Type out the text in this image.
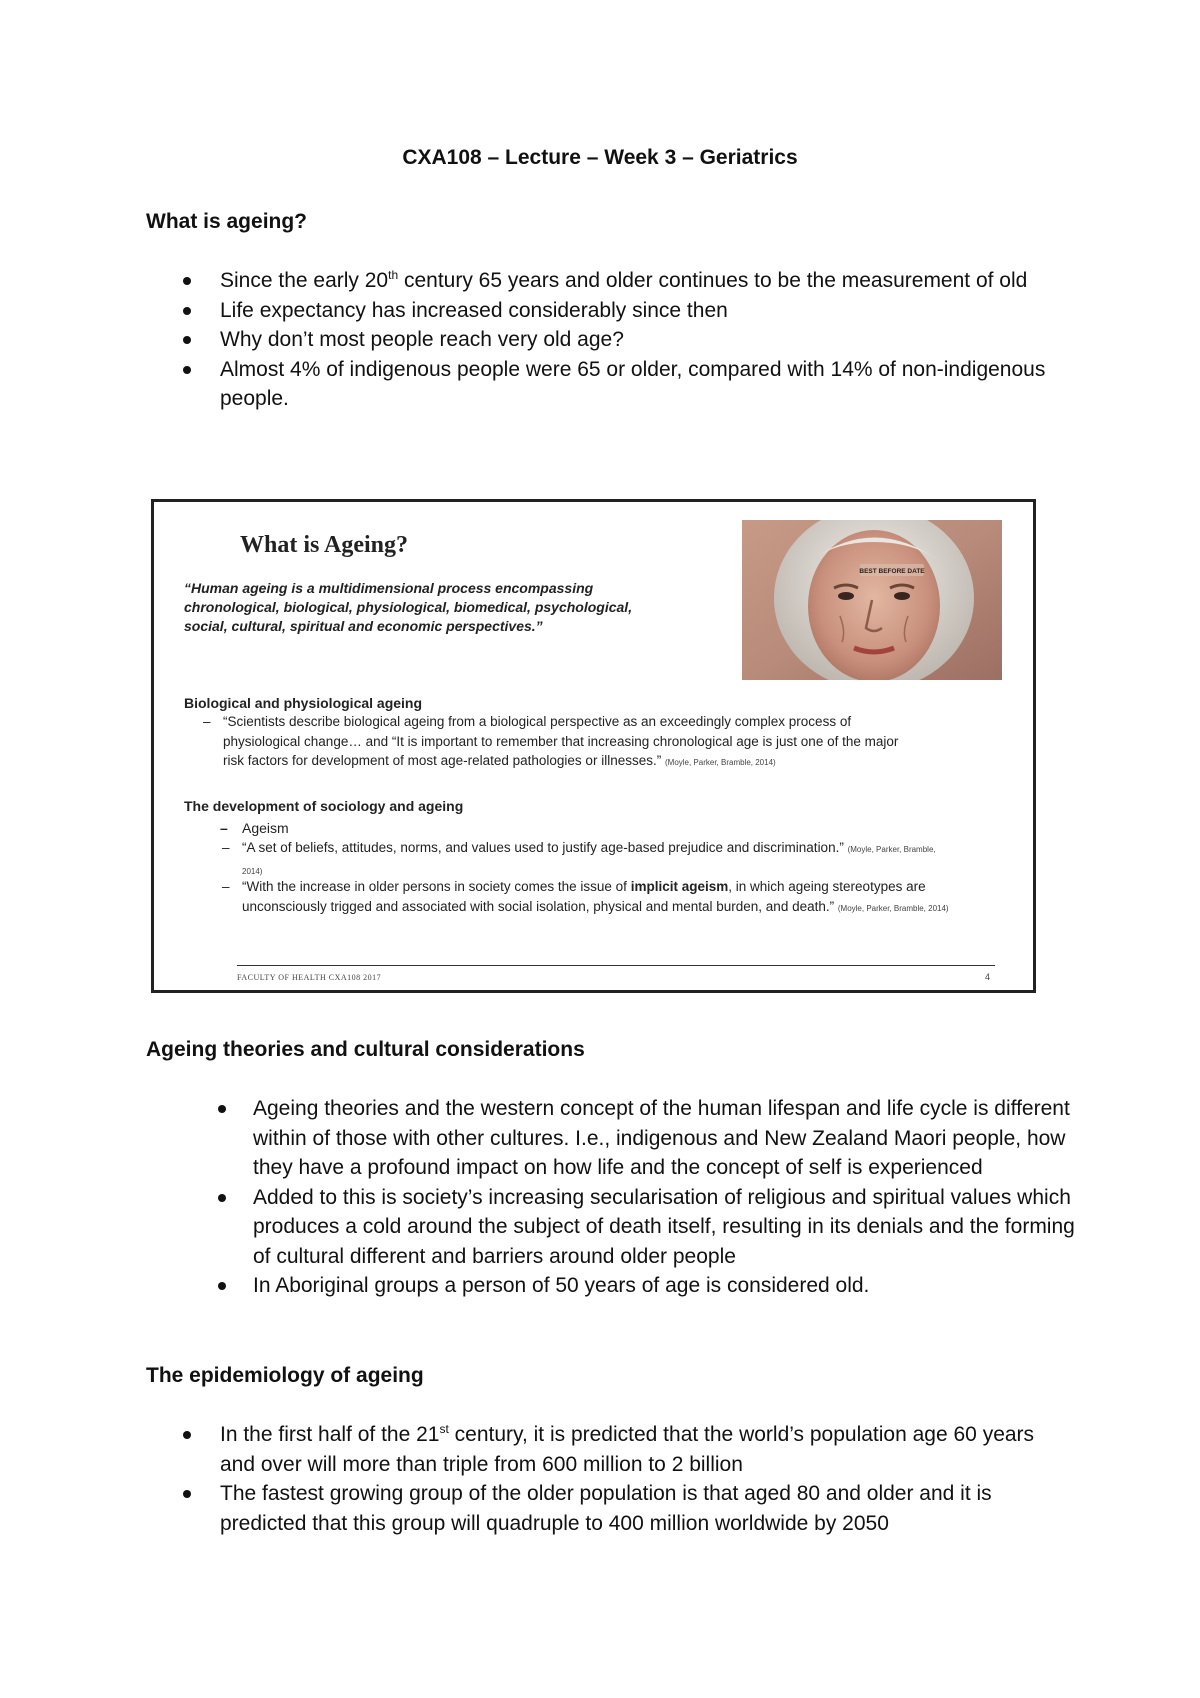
CXA108 – Lecture – Week 3 – Geriatrics
What is ageing?
Since the early 20th century 65 years and older continues to be the measurement of old
Life expectancy has increased considerably since then
Why don’t most people reach very old age?
Almost 4% of indigenous people were 65 or older, compared with 14% of non-indigenous people.
What is Ageing?
“Human ageing is a multidimensional process encompassing chronological, biological, physiological, biomedical, psychological, social, cultural, spiritual and economic perspectives.”
BEST BEFORE DATE
Biological and physiological ageing
– “Scientists describe biological ageing from a biological perspective as an exceedingly complex process of physiological change… and “It is important to remember that increasing chronological age is just one of the major risk factors for development of most age-related pathologies or illnesses.” (Moyle, Parker, Bramble, 2014)
The development of sociology and ageing
– Ageism
– “A set of beliefs, attitudes, norms, and values used to justify age-based prejudice and discrimination.” (Moyle, Parker, Bramble, 2014)
– “With the increase in older persons in society comes the issue of implicit ageism, in which ageing stereotypes are unconsciously trigged and associated with social isolation, physical and mental burden, and death.” (Moyle, Parker, Bramble, 2014)
FACULTY OF HEALTH CXA108 2017	4
Ageing theories and cultural considerations
Ageing theories and the western concept of the human lifespan and life cycle is different within of those with other cultures. I.e., indigenous and New Zealand Maori people, how they have a profound impact on how life and the concept of self is experienced
Added to this is society’s increasing secularisation of religious and spiritual values which produces a cold around the subject of death itself, resulting in its denials and the forming of cultural different and barriers around older people
In Aboriginal groups a person of 50 years of age is considered old.
The epidemiology of ageing
In the first half of the 21st century, it is predicted that the world’s population age 60 years and over will more than triple from 600 million to 2 billion
The fastest growing group of the older population is that aged 80 and older and it is predicted that this group will quadruple to 400 million worldwide by 2050
